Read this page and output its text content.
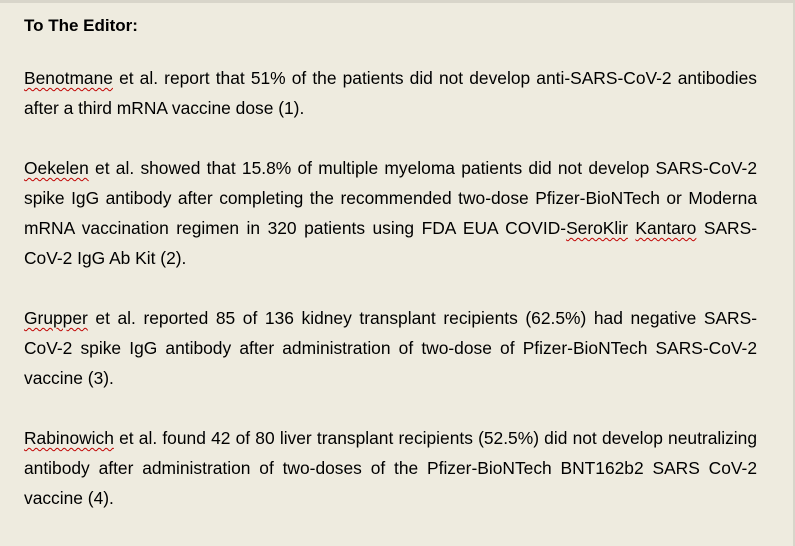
To The Editor:

Benotmane et al. report that 51% of the patients did not develop anti-SARS-CoV-2 antibodies after a third mRNA vaccine dose (1).

Oekelen et al. showed that 15.8% of multiple myeloma patients did not develop SARS-CoV-2 spike IgG antibody after completing the recommended two-dose Pfizer-BioNTech or Moderna mRNA vaccination regimen in 320 patients using FDA EUA COVID-SeroKlir Kantaro SARS-CoV-2 IgG Ab Kit (2).

Grupper et al. reported 85 of 136 kidney transplant recipients (62.5%) had negative SARS-CoV-2 spike IgG antibody after administration of two-dose of Pfizer-BioNTech SARS-CoV-2 vaccine (3).

Rabinowich et al. found 42 of 80 liver transplant recipients (52.5%) did not develop neutralizing antibody after administration of two-doses of the Pfizer-BioNTech BNT162b2 SARS CoV-2 vaccine (4).
